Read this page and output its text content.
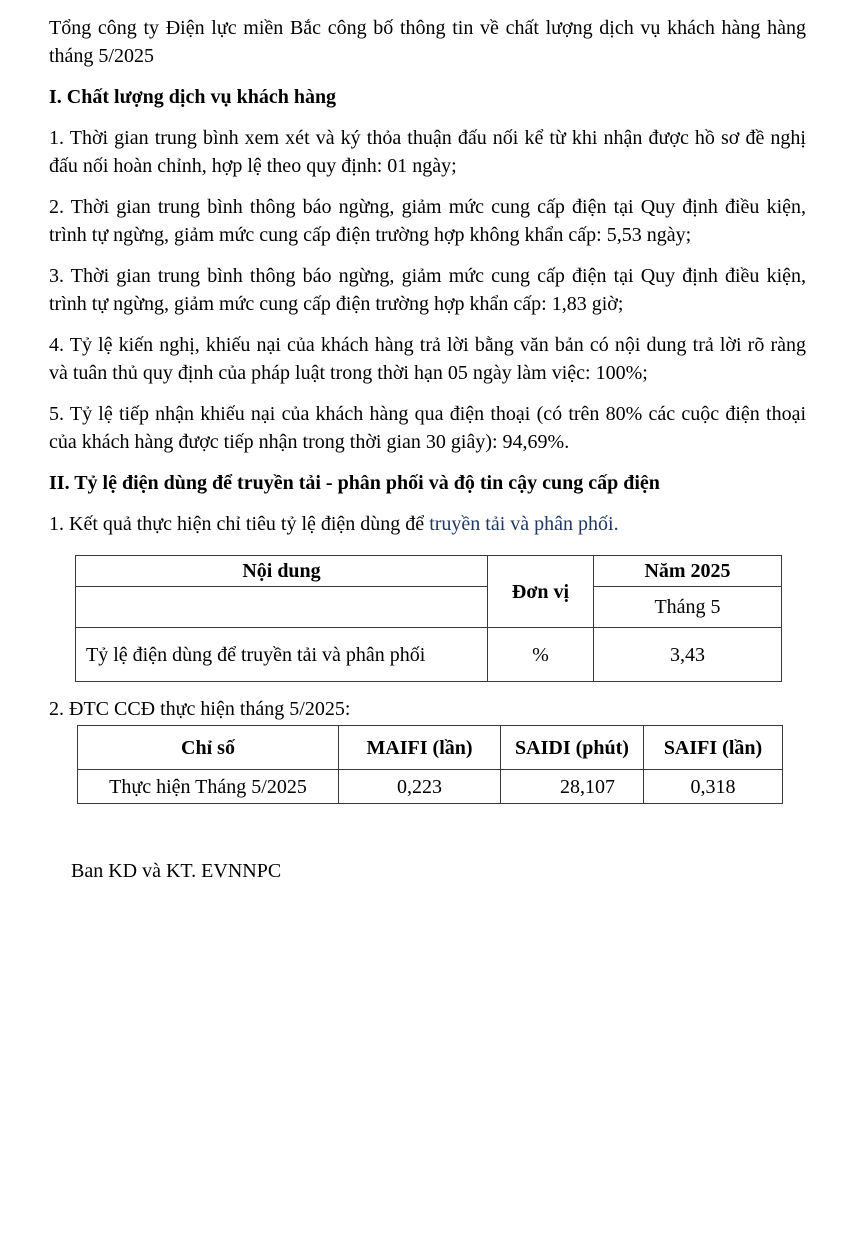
Tổng công ty Điện lực miền Bắc công bố thông tin về chất lượng dịch vụ khách hàng hàng tháng 5/2025

I. Chất lượng dịch vụ khách hàng

1. Thời gian trung bình xem xét và ký thỏa thuận đấu nối kể từ khi nhận được hồ sơ đề nghị đấu nối hoàn chỉnh, hợp lệ theo quy định: 01 ngày;

2. Thời gian trung bình thông báo ngừng, giảm mức cung cấp điện tại Quy định điều kiện, trình tự ngừng, giảm mức cung cấp điện trường hợp không khẩn cấp: 5,53 ngày;

3. Thời gian trung bình thông báo ngừng, giảm mức cung cấp điện tại Quy định điều kiện, trình tự ngừng, giảm mức cung cấp điện trường hợp khẩn cấp: 1,83 giờ;

4. Tỷ lệ kiến nghị, khiếu nại của khách hàng trả lời bằng văn bản có nội dung trả lời rõ ràng và tuân thủ quy định của pháp luật trong thời hạn 05 ngày làm việc: 100%;

5. Tỷ lệ tiếp nhận khiếu nại của khách hàng qua điện thoại (có trên 80% các cuộc điện thoại của khách hàng được tiếp nhận trong thời gian 30 giây): 94,69%.

II. Tỷ lệ điện dùng để truyền tải - phân phối và độ tin cậy cung cấp điện

1. Kết quả thực hiện chỉ tiêu tỷ lệ điện dùng để truyền tải và phân phối.

Nội dung	Đơn vị	Năm 2025
		Tháng 5
Tỷ lệ điện dùng để truyền tải và phân phối	%	3,43

2. ĐTC CCĐ thực hiện tháng 5/2025:

Chỉ số	MAIFI (lần)	SAIDI (phút)	SAIFI (lần)
Thực hiện Tháng 5/2025	0,223	28,107	0,318

Ban KD và KT. EVNNPC
